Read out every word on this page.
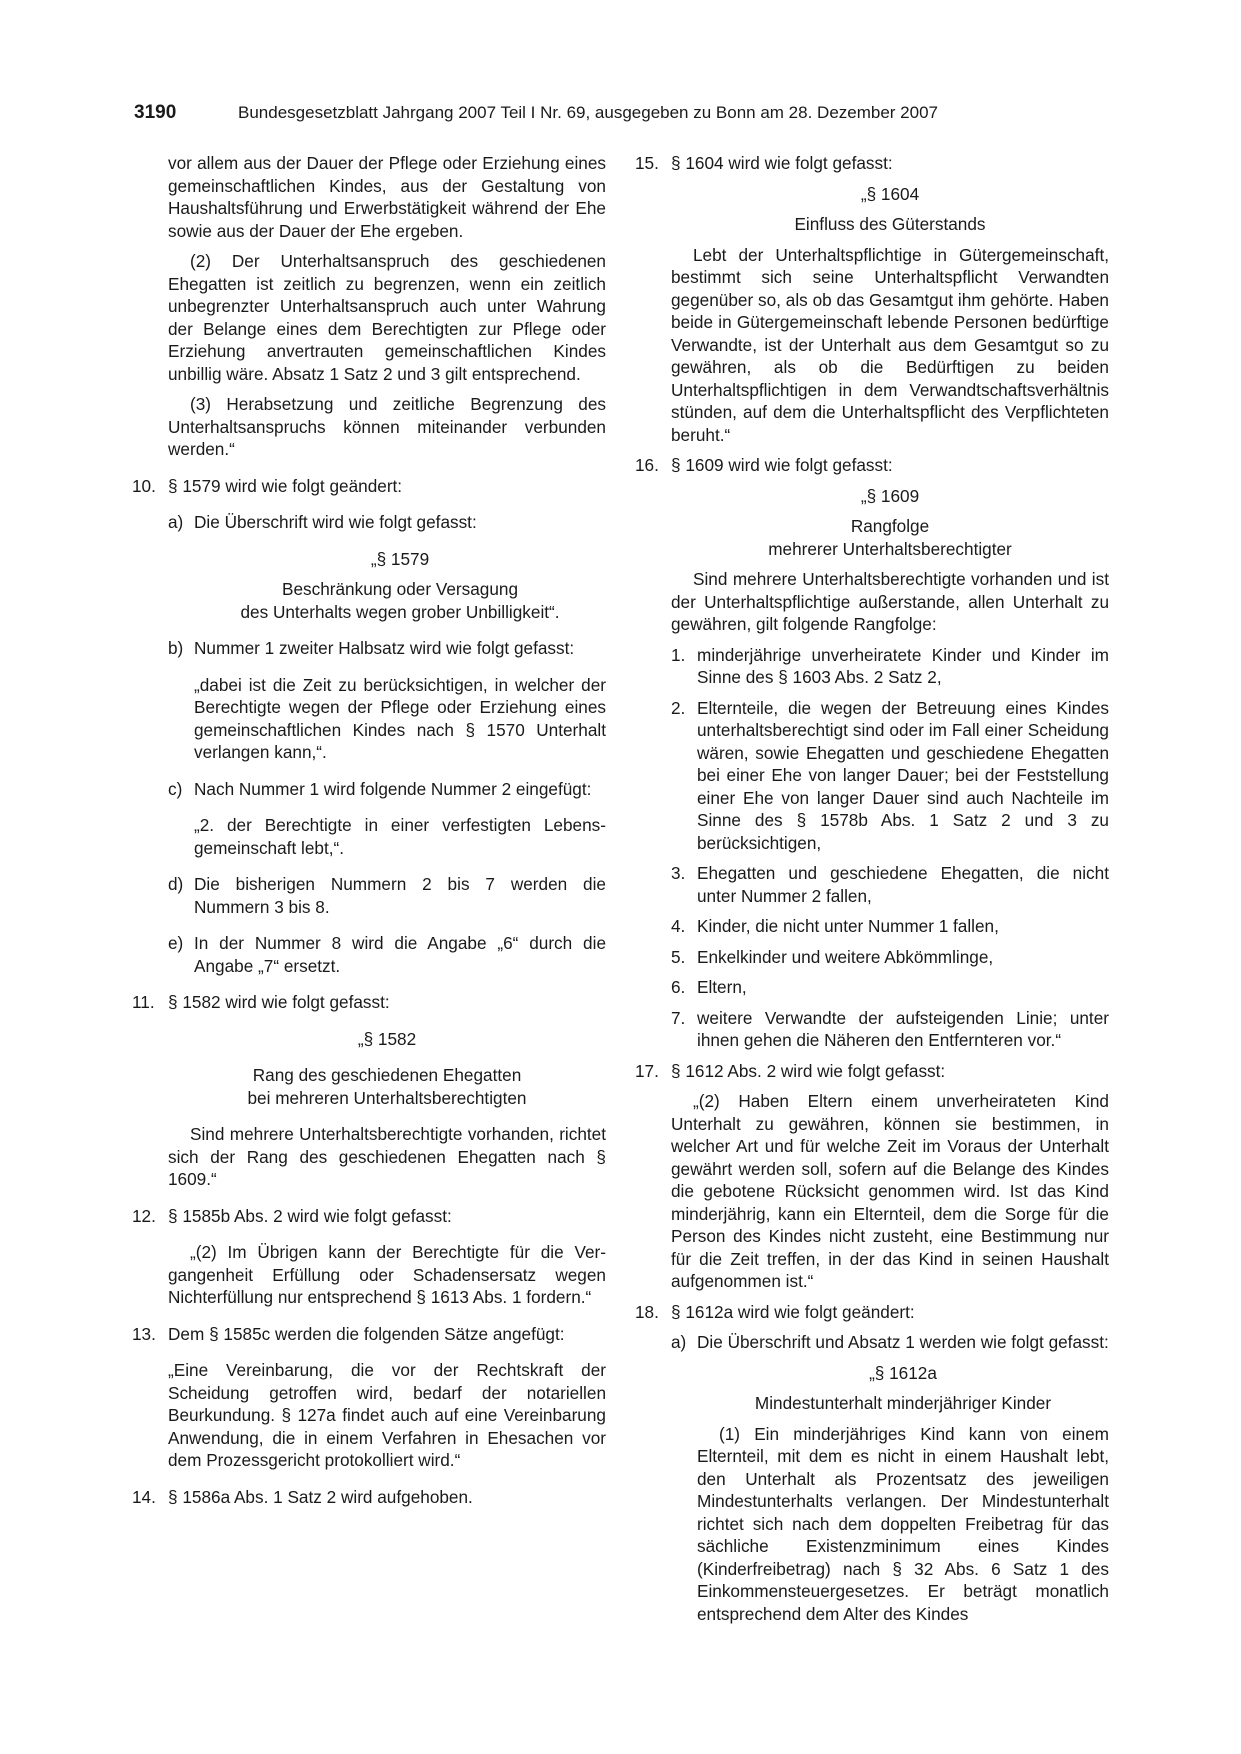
3190	Bundesgesetzblatt Jahrgang 2007 Teil I Nr. 69, ausgegeben zu Bonn am 28. Dezember 2007

vor allem aus der Dauer der Pflege oder Erziehung eines gemeinschaftlichen Kindes, aus der Gestaltung von Haushaltsführung und Erwerbstätigkeit während der Ehe sowie aus der Dauer der Ehe ergeben.

(2) Der Unterhaltsanspruch des geschiedenen Ehegatten ist zeitlich zu begrenzen, wenn ein zeitlich unbegrenzter Unterhaltsanspruch auch unter Wahrung der Belange eines dem Berechtigten zur Pflege oder Erziehung anvertrauten gemeinschaftlichen Kindes unbillig wäre. Absatz 1 Satz 2 und 3 gilt entsprechend.

(3) Herabsetzung und zeitliche Begrenzung des Unterhaltsanspruchs können miteinander verbunden werden.“

10. § 1579 wird wie folgt geändert:
a) Die Überschrift wird wie folgt gefasst:

„§ 1579

Beschränkung oder Versagung

des Unterhalts wegen grober Unbilligkeit“.

b) Nummer 1 zweiter Halbsatz wird wie folgt gefasst:

„dabei ist die Zeit zu berücksichtigen, in welcher der Berechtigte wegen der Pflege oder Erziehung eines gemeinschaftlichen Kindes nach § 1570 Unterhalt verlangen kann,“.

c) Nach Nummer 1 wird folgende Nummer 2 eingefügt:

„2. der Berechtigte in einer verfestigten Lebensgemeinschaft lebt,“.

d) Die bisherigen Nummern 2 bis 7 werden die Nummern 3 bis 8.
e) In der Nummer 8 wird die Angabe „6“ durch die Angabe „7“ ersetzt.
11. § 1582 wird wie folgt gefasst:

„§ 1582

Rang des geschiedenen Ehegatten

bei mehreren Unterhaltsberechtigten

Sind mehrere Unterhaltsberechtigte vorhanden, richtet sich der Rang des geschiedenen Ehegatten nach § 1609.“

12. § 1585b Abs. 2 wird wie folgt gefasst:

„(2) Im Übrigen kann der Berechtigte für die Vergangenheit Erfüllung oder Schadensersatz wegen Nichterfüllung nur entsprechend § 1613 Abs. 1 fordern.“

13. Dem § 1585c werden die folgenden Sätze angefügt:

„Eine Vereinbarung, die vor der Rechtskraft der Scheidung getroffen wird, bedarf der notariellen Beurkundung. § 127a findet auch auf eine Vereinbarung Anwendung, die in einem Verfahren in Ehesachen vor dem Prozessgericht protokolliert wird.“

14. § 1586a Abs. 1 Satz 2 wird aufgehoben.
15. § 1604 wird wie folgt gefasst:

„§ 1604

Einfluss des Güterstands

Lebt der Unterhaltspflichtige in Gütergemeinschaft, bestimmt sich seine Unterhaltspflicht Verwandten gegenüber so, als ob das Gesamtgut ihm gehörte. Haben beide in Gütergemeinschaft lebende Personen bedürftige Verwandte, ist der Unterhalt aus dem Gesamtgut so zu gewähren, als ob die Bedürftigen zu beiden Unterhaltspflichtigen in dem Verwandtschaftsverhältnis stünden, auf dem die Unterhaltspflicht des Verpflichteten beruht.“

16. § 1609 wird wie folgt gefasst:

„§ 1609

Rangfolge

mehrerer Unterhaltsberechtigter

Sind mehrere Unterhaltsberechtigte vorhanden und ist der Unterhaltspflichtige außerstande, allen Unterhalt zu gewähren, gilt folgende Rangfolge:

1. minderjährige unverheiratete Kinder und Kinder im Sinne des § 1603 Abs. 2 Satz 2,
2. Elternteile, die wegen der Betreuung eines Kindes unterhaltsberechtigt sind oder im Fall einer Scheidung wären, sowie Ehegatten und geschiedene Ehegatten bei einer Ehe von langer Dauer; bei der Feststellung einer Ehe von langer Dauer sind auch Nachteile im Sinne des § 1578b Abs. 1 Satz 2 und 3 zu berücksichtigen,
3. Ehegatten und geschiedene Ehegatten, die nicht unter Nummer 2 fallen,
4. Kinder, die nicht unter Nummer 1 fallen,
5. Enkelkinder und weitere Abkömmlinge,
6. Eltern,
7. weitere Verwandte der aufsteigenden Linie; unter ihnen gehen die Näheren den Entfernteren vor.“
17. § 1612 Abs. 2 wird wie folgt gefasst:

„(2) Haben Eltern einem unverheirateten Kind Unterhalt zu gewähren, können sie bestimmen, in welcher Art und für welche Zeit im Voraus der Unterhalt gewährt werden soll, sofern auf die Belange des Kindes die gebotene Rücksicht genommen wird. Ist das Kind minderjährig, kann ein Elternteil, dem die Sorge für die Person des Kindes nicht zusteht, eine Bestimmung nur für die Zeit treffen, in der das Kind in seinen Haushalt aufgenommen ist.“

18. § 1612a wird wie folgt geändert:
a) Die Überschrift und Absatz 1 werden wie folgt gefasst:

„§ 1612a

Mindestunterhalt minderjähriger Kinder

(1) Ein minderjähriges Kind kann von einem Elternteil, mit dem es nicht in einem Haushalt lebt, den Unterhalt als Prozentsatz des jeweiligen Mindestunterhalts verlangen. Der Mindestunterhalt richtet sich nach dem doppelten Freibetrag für das sächliche Existenzminimum eines Kindes (Kinderfreibetrag) nach § 32 Abs. 6 Satz 1 des Einkommensteuergesetzes. Er beträgt monatlich entsprechend dem Alter des Kindes
